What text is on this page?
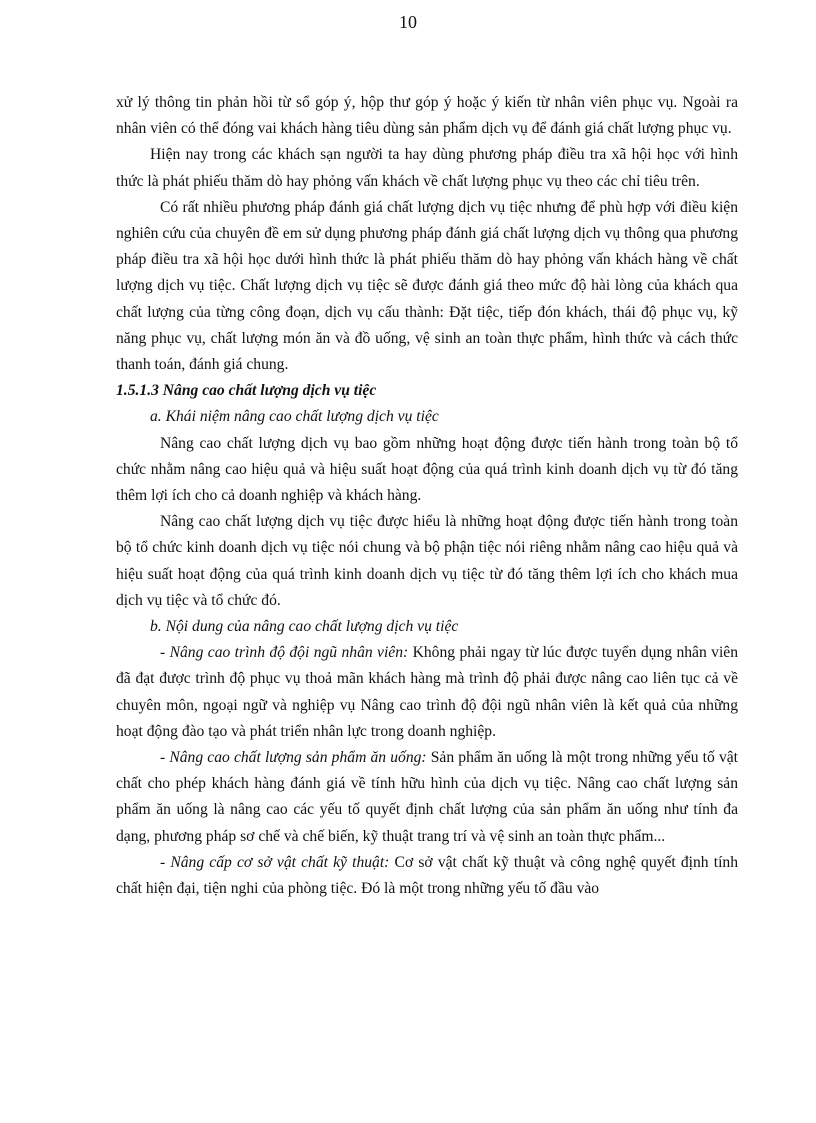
10

xử lý thông tin phản hồi từ sổ góp ý, hộp thư góp ý hoặc ý kiến từ nhân viên phục vụ. Ngoài ra nhân viên có thể đóng vai khách hàng tiêu dùng sản phẩm dịch vụ để đánh giá chất lượng phục vụ.

Hiện nay trong các khách sạn người ta hay dùng phương pháp điều tra xã hội học với hình thức là phát phiếu thăm dò hay phỏng vấn khách về chất lượng phục vụ theo các chỉ tiêu trên.

Có rất nhiều phương pháp đánh giá chất lượng dịch vụ tiệc nhưng để phù hợp với điều kiện nghiên cứu của chuyên đề em sử dụng phương pháp đánh giá chất lượng dịch vụ thông qua phương pháp điều tra xã hội học dưới hình thức là phát phiếu thăm dò hay phỏng vấn khách hàng về chất lượng dịch vụ tiệc. Chất lượng dịch vụ tiệc sẽ được đánh giá theo mức độ hài lòng của khách qua chất lượng của từng công đoạn, dịch vụ cấu thành: Đặt tiệc, tiếp đón khách, thái độ phục vụ, kỹ năng phục vụ, chất lượng món ăn và đồ uống, vệ sinh an toàn thực phẩm, hình thức và cách thức thanh toán, đánh giá chung.

1.5.1.3 Nâng cao chất lượng dịch vụ tiệc

a. Khái niệm nâng cao chất lượng dịch vụ tiệc

Nâng cao chất lượng dịch vụ bao gồm những hoạt động được tiến hành trong toàn bộ tổ chức nhằm nâng cao hiệu quả và hiệu suất hoạt động của quá trình kinh doanh dịch vụ từ đó tăng thêm lợi ích cho cả doanh nghiệp và khách hàng.

Nâng cao chất lượng dịch vụ tiệc được hiểu là những hoạt động được tiến hành trong toàn bộ tổ chức kinh doanh dịch vụ tiệc nói chung và bộ phận tiệc nói riêng nhằm nâng cao hiệu quả và hiệu suất hoạt động của quá trình kinh doanh dịch vụ tiệc từ đó tăng thêm lợi ích cho khách mua dịch vụ tiệc và tổ chức đó.

b. Nội dung của nâng cao chất lượng dịch vụ tiệc

- Nâng cao trình độ đội ngũ nhân viên: Không phải ngay từ lúc được tuyển dụng nhân viên đã đạt được trình độ phục vụ thoả mãn khách hàng mà trình độ phải được nâng cao liên tục cả về chuyên môn, ngoại ngữ và nghiệp vụ Nâng cao trình độ đội ngũ nhân viên là kết quả của những hoạt động đào tạo và phát triển nhân lực trong doanh nghiệp.

- Nâng cao chất lượng sản phẩm ăn uống: Sản phẩm ăn uống là một trong những yếu tố vật chất cho phép khách hàng đánh giá về tính hữu hình của dịch vụ tiệc. Nâng cao chất lượng sản phẩm ăn uống là nâng cao các yếu tố quyết định chất lượng của sản phẩm ăn uống như tính đa dạng, phương pháp sơ chế và chế biến, kỹ thuật trang trí và vệ sinh an toàn thực phẩm...

- Nâng cấp cơ sở vật chất kỹ thuật: Cơ sở vật chất kỹ thuật và công nghệ quyết định tính chất hiện đại, tiện nghi của phòng tiệc. Đó là một trong những yếu tố đầu vào
